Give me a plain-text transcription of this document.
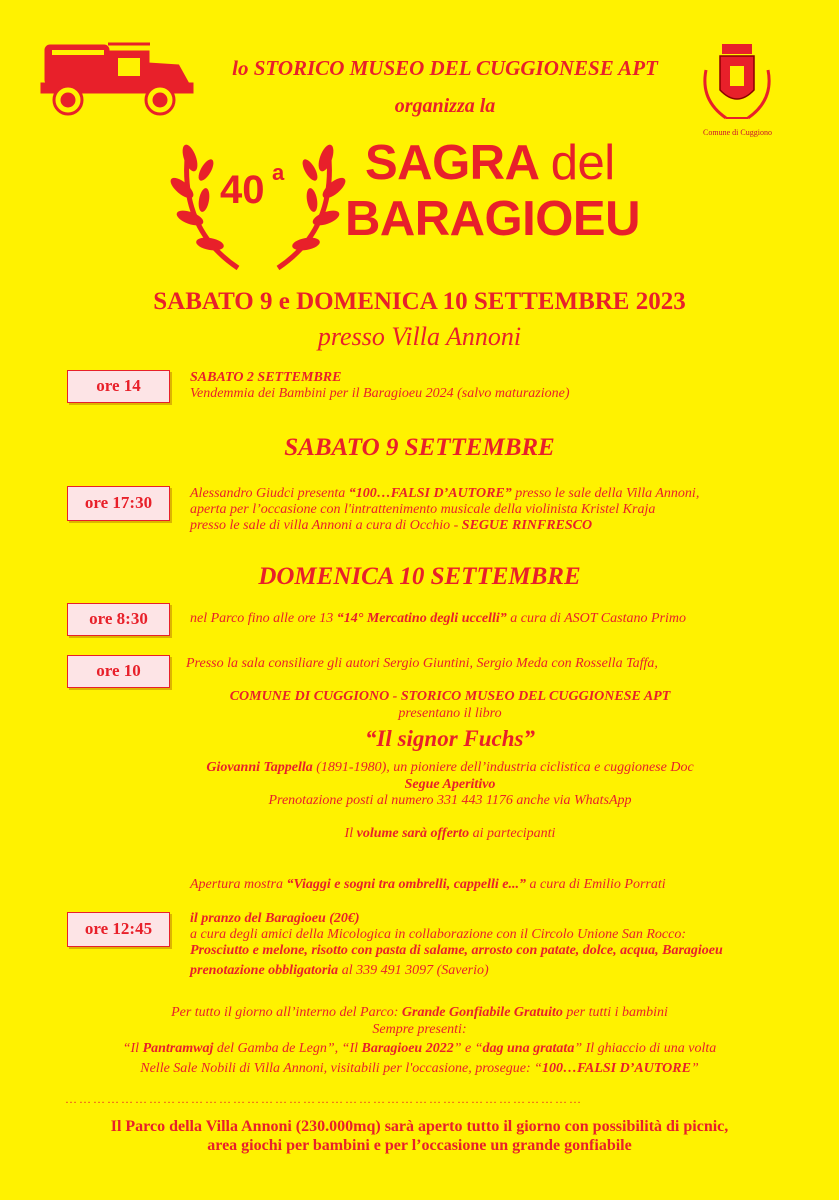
lo STORICO MUSEO DEL CUGGIONESE APT
organizza la
Comune di Cuggiono
40 a SAGRA del
BARAGIOEU
SABATO 9 e DOMENICA 10 SETTEMBRE 2023
presso Villa Annoni
ore 14	SABATO 2 SETTEMBRE
Vendemmia dei Bambini per il Baragioeu 2024 (salvo maturazione)
SABATO 9 SETTEMBRE
ore 17:30	Alessandro Giudci presenta “100…FALSI D’AUTORE” presso le sale della Villa Annoni,
aperta per l’occasione con l'intrattenimento musicale della violinista Kristel Kraja
presso le sale di villa Annoni a cura di Occhio - SEGUE RINFRESCO
DOMENICA 10 SETTEMBRE
ore 8:30	nel Parco fino alle ore 13 “14° Mercatino degli uccelli” a cura di ASOT Castano Primo
ore 10	Presso la sala consiliare gli autori Sergio Giuntini, Sergio Meda con Rossella Taffa,
COMUNE DI CUGGIONO - STORICO MUSEO DEL CUGGIONESE APT
presentano il libro
“Il signor Fuchs”
Giovanni Tappella (1891-1980), un pioniere dell’industria ciclistica e cuggionese Doc
Segue Aperitivo
Prenotazione posti al numero 331 443 1176 anche via WhatsApp
Il volume sarà offerto ai partecipanti
Apertura mostra “Viaggi e sogni tra ombrelli, cappelli e...” a cura di Emilio Porrati
ore 12:45
il pranzo del Baragioeu (20€)
a cura degli amici della Micologica in collaborazione con il Circolo Unione San Rocco:
Prosciutto e melone, risotto con pasta di salame, arrosto con patate, dolce, acqua, Baragioeu
prenotazione obbligatoria al 339 491 3097 (Saverio)
Per tutto il giorno all’interno del Parco: Grande Gonfiabile Gratuito per tutti i bambini
Sempre presenti:
“Il Pantramwaj del Gamba de Legn”, “Il Baragioeu 2022” e “dag una gratata” Il ghiaccio di una volta
Nelle Sale Nobili di Villa Annoni, visitabili per l'occasione, prosegue: “100…FALSI D’AUTORE”
…………………………………………………………………………………………………
Il Parco della Villa Annoni (230.000mq) sarà aperto tutto il giorno con possibilità di picnic,
area giochi per bambini e per l’occasione un grande gonfiabile
